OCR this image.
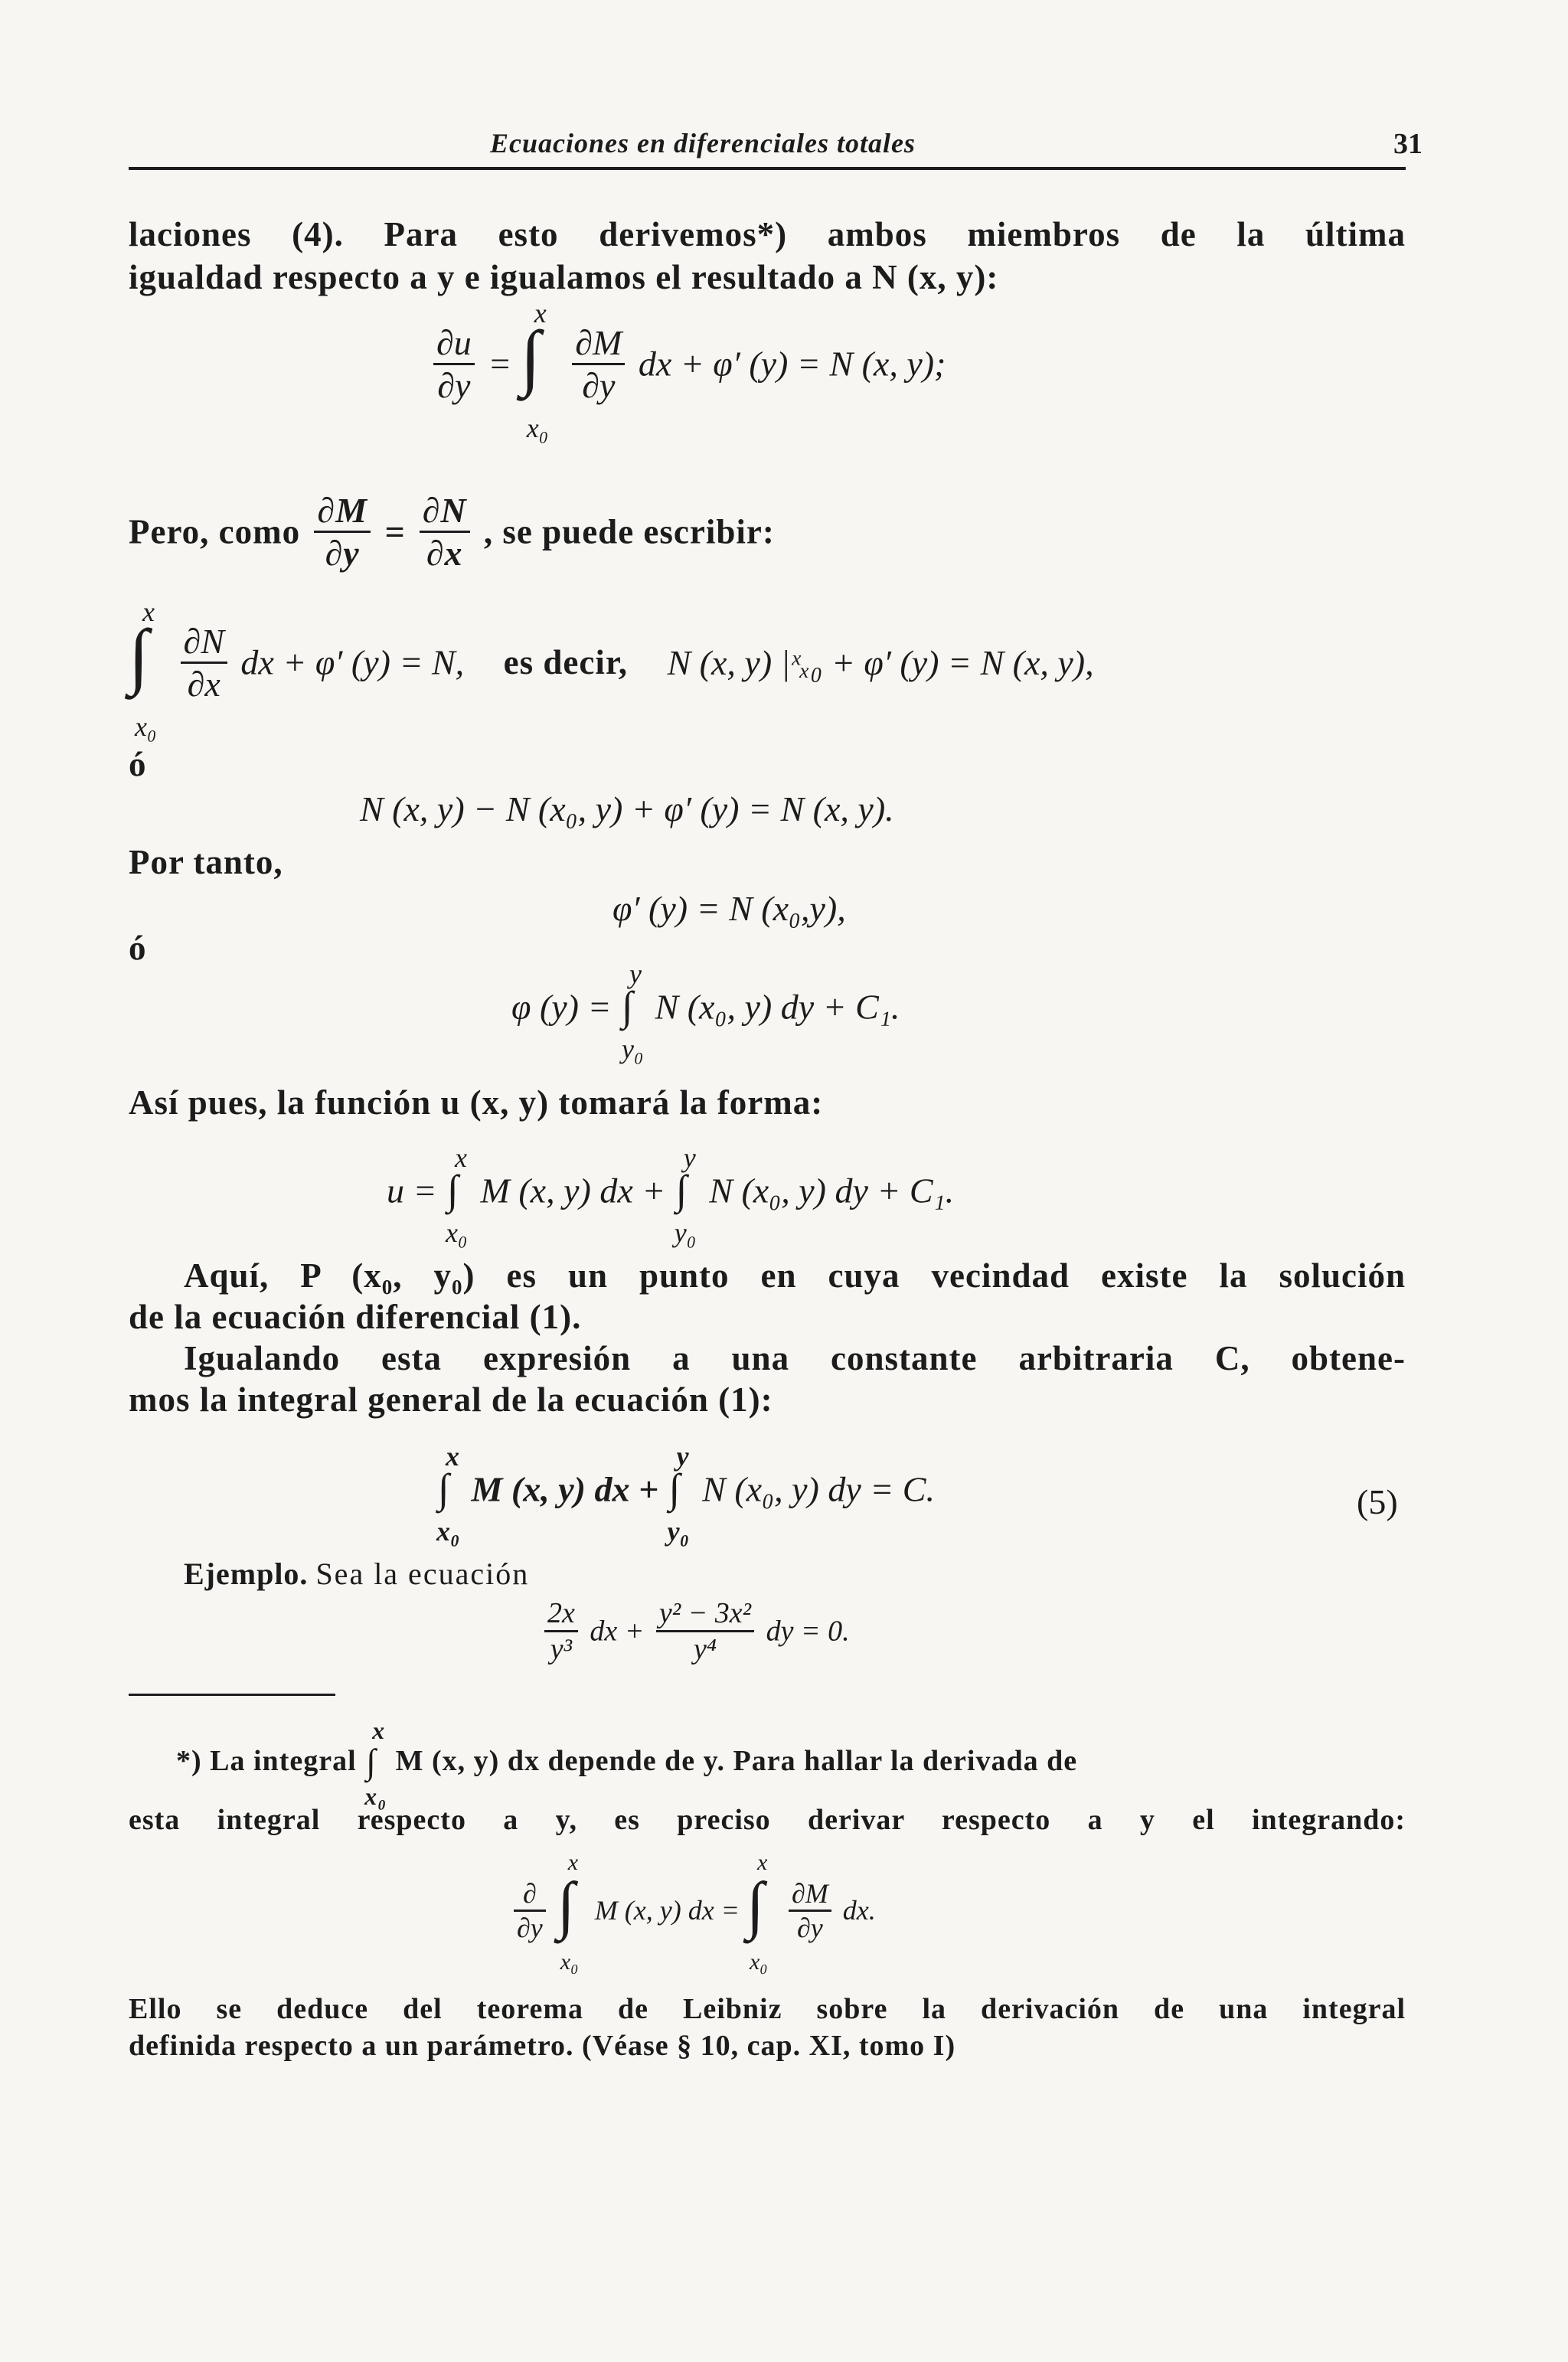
Ecuaciones en diferenciales totales	31
laciones (4). Para esto derivemos*) ambos miembros de la última
igualdad respecto a y e igualamos el resultado a N (x, y):
$\frac{\partial u}{\partial y}$ =
x
∫
x₀

$\frac{\partial M}{\partial y}$ dx + φ′ (y) = N (x, y);
Pero, como $\frac{\partial M}{\partial y} = \frac{\partial N}{\partial x}$ , se puede escribir:
x
∫
x₀

$\frac{\partial N}{\partial x}$ dx + φ′ (y) = N, es decir, N (x, y) |ˣₓ₀ + φ′ (y) = N (x, y),
ó
N (x, y) − N (x₀, y) + φ′ (y) = N (x, y).
Por tanto,
φ′ (y) = N (x₀,y),
ó
φ (y) =
y
∫
y₀
N (x₀, y) dy + C₁.
Así pues, la función u (x, y) tomará la forma:
u =
x
∫
x₀
M (x, y) dx +
y
∫
y₀
N (x₀, y) dy + C₁.
Aquí, P (x₀, y₀) es un punto en cuya vecindad existe la solución
de la ecuación diferencial (1).
Igualando esta expresión a una constante arbitraria C, obtene-
mos la integral general de la ecuación (1):
x
∫
x₀
M (x, y) dx +
y
∫
y₀
N (x₀, y) dy = C.	(5)
Ejemplo. Sea la ecuación
$\frac{2x}{\text{y³}}$ dx + $\frac{\text{y² − 3x²}}{\text{y⁴}}$ dy = 0.
*) La integral
x
∫
x₀
M (x, y) dx depende de y. Para hallar la derivada de
esta integral respecto a y, es preciso derivar respecto a y el integrando:
$\frac{\partial}{\partial y}$

x
∫
x₀
M (x, y) dx =
x
∫
x₀

$\frac{\partial M}{\partial y}$ dx.
Ello se deduce del teorema de Leibniz sobre la derivación de una integral
definida respecto a un parámetro. (Véase § 10, cap. XI, tomo I)
